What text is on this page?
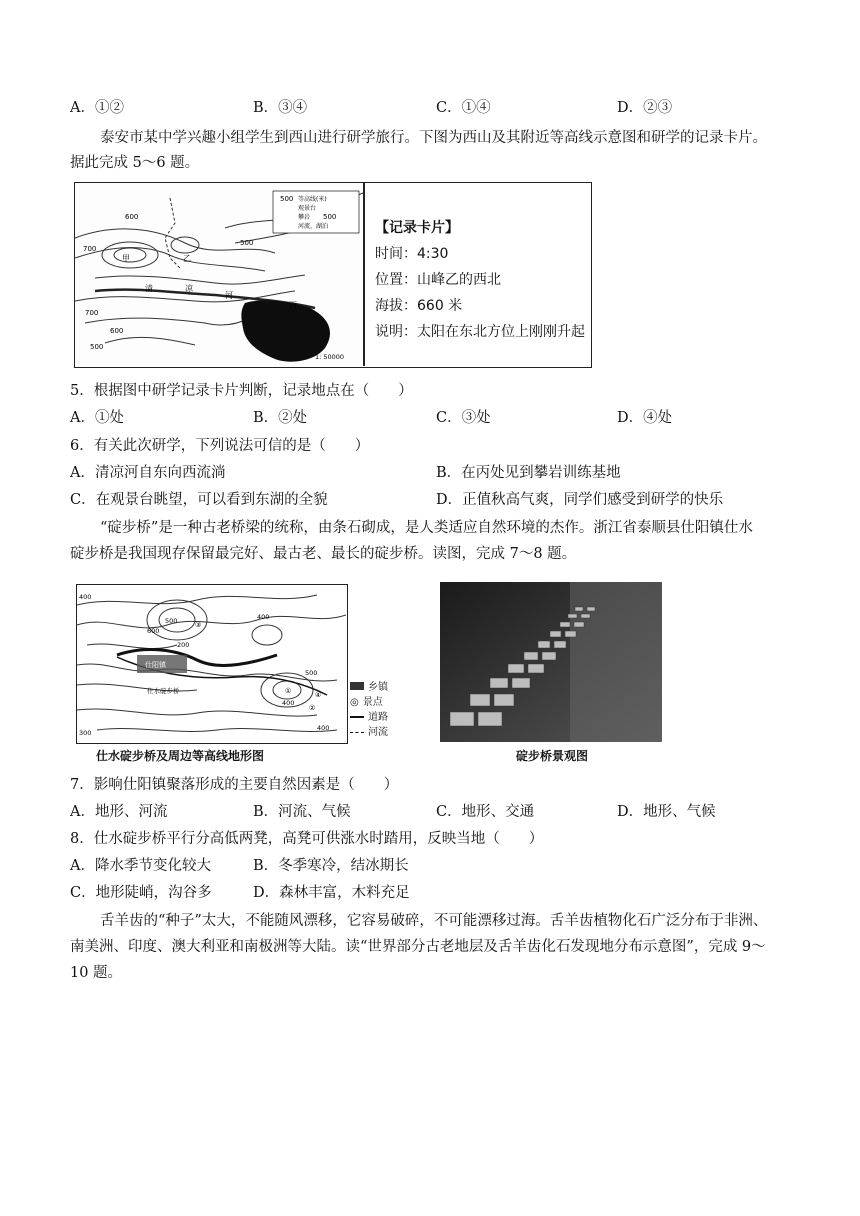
A．①②	B．③④	C．①④	D．②③
泰安市某中学兴趣小组学生到西山进行研学旅行。下图为西山及其附近等高线示意图和研学的记录卡片。
据此完成 5～6 题。
500 等高线(米)
观景台
攀岩
河流、湖泊
600
700
500
500
700
600
500
甲	乙
丙
清	凉
河
1: 50000
【记录卡片】
时间：4:30
位置：山峰乙的西北
海拔：660 米
说明：太阳在东北方位上刚刚升起
5．根据图中研学记录卡片判断，记录地点在（　　）
A．①处	B．②处	C．③处	D．④处
6．有关此次研学，下列说法可信的是（　　）
A．清凉河自东向西流淌	B．在丙处见到攀岩训练基地
C．在观景台眺望，可以看到东湖的全貌	D．正值秋高气爽，同学们感受到研学的快乐
“碇步桥”是一种古老桥梁的统称，由条石砌成，是人类适应自然环境的杰作。浙江省泰顺县仕阳镇仕水
碇步桥是我国现存保留最完好、最古老、最长的碇步桥。读图，完成 7～8 题。
400
500
600
200
400
300
400
500
400
仕阳镇
仕水碇步桥
③
①
②
④
乡镇
◎ 景点
道路
河流
仕水碇步桥及周边等高线地形图	碇步桥景观图
7．影响仕阳镇聚落形成的主要自然因素是（　　）
A．地形、河流	B．河流、气候	C．地形、交通	D．地形、气候
8．仕水碇步桥平行分高低两凳，高凳可供涨水时踏用，反映当地（　　）
A．降水季节变化较大	B．冬季寒冷，结冰期长
C．地形陡峭，沟谷多	D．森林丰富，木料充足
舌羊齿的“种子”太大，不能随风漂移，它容易破碎，不可能漂移过海。舌羊齿植物化石广泛分布于非洲、
南美洲、印度、澳大利亚和南极洲等大陆。读“世界部分古老地层及舌羊齿化石发现地分布示意图”，完成 9～
10 题。
